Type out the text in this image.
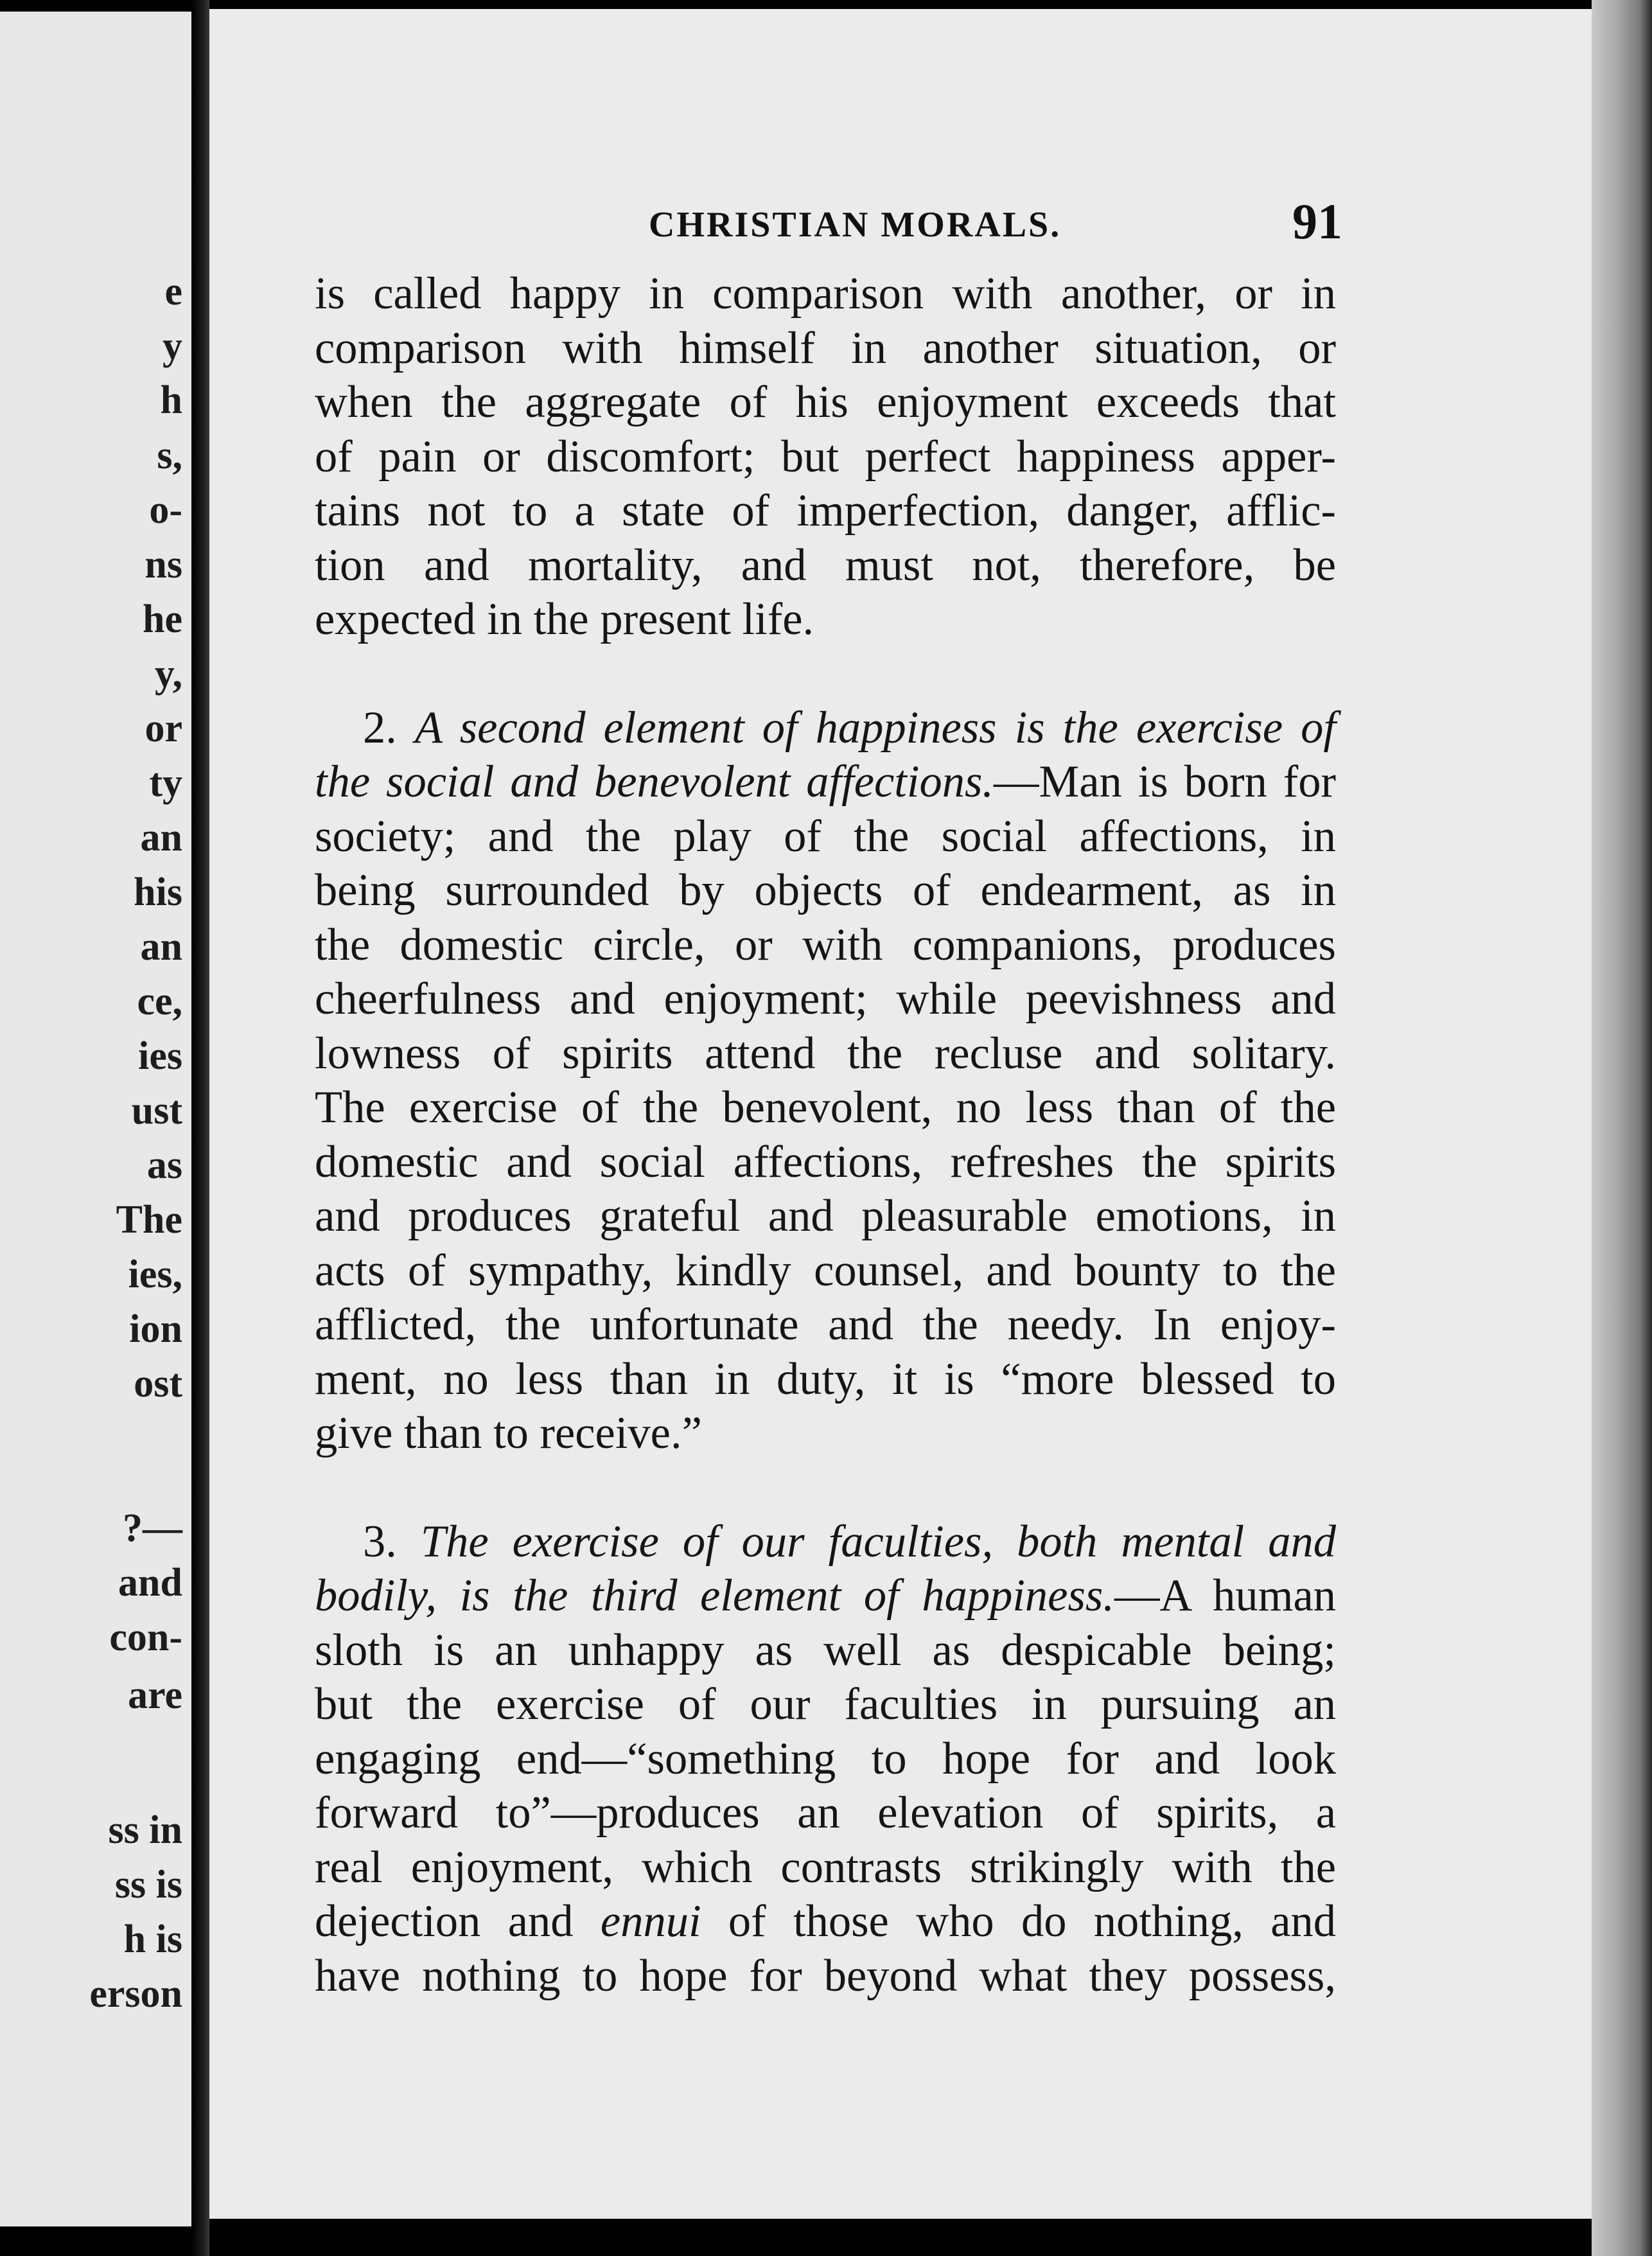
e
y
h
s,
o-
ns
he
y,
or
ty
an
his
an
ce,
ies
ust
as
The
ies,
ion
ost
?—
and
con-
are
ss in
ss is
h is
erson
CHRISTIAN MORALS.	91
is called happy in comparison with another, or in
comparison with himself in another situation, or
when the aggregate of his enjoyment exceeds that
of pain or discomfort; but perfect happiness apper-
tains not to a state of imperfection, danger, afflic-
tion and mortality, and must not, therefore, be
expected in the present life.
2. A second element of happiness is the exercise of
the social and benevolent affections.—Man is born for
society; and the play of the social affections, in
being surrounded by objects of endearment, as in
the domestic circle, or with companions, produces
cheerfulness and enjoyment; while peevishness and
lowness of spirits attend the recluse and solitary.
The exercise of the benevolent, no less than of the
domestic and social affections, refreshes the spirits
and produces grateful and pleasurable emotions, in
acts of sympathy, kindly counsel, and bounty to the
afflicted, the unfortunate and the needy. In enjoy-
ment, no less than in duty, it is “more blessed to
give than to receive.”
3. The exercise of our faculties, both mental and
bodily, is the third element of happiness.—A human
sloth is an unhappy as well as despicable being;
but the exercise of our faculties in pursuing an
engaging end—“something to hope for and look
forward to”—produces an elevation of spirits, a
real enjoyment, which contrasts strikingly with the
dejection and ennui of those who do nothing, and
have nothing to hope for beyond what they possess,
